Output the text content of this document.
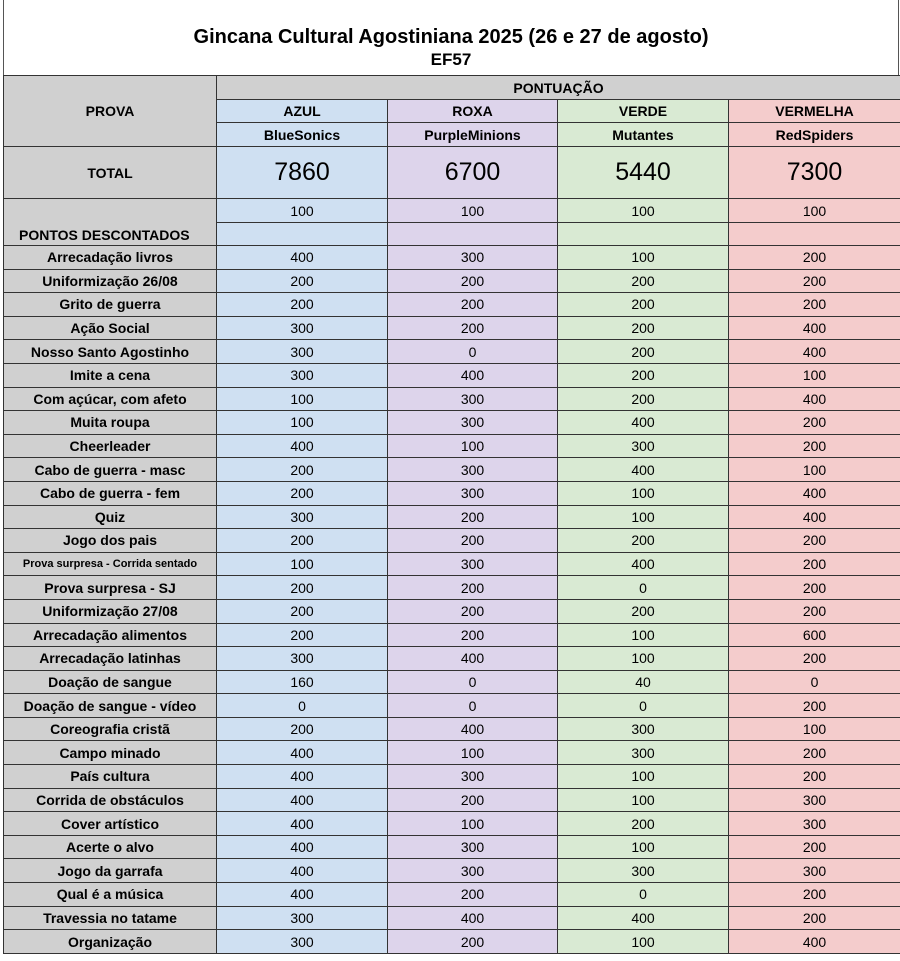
Gincana Cultural Agostiniana 2025 (26 e 27 de agosto)
EF57
PROVA	PONTUAÇÃO			
	AZUL	ROXA	VERDE	VERMELHA
	BlueSonics	PurpleMinions	Mutantes	RedSpiders
TOTAL	7860	6700	5440	7300
PONTOS DESCONTADOS	100	100	100	100

Arrecadação livros	400	300	100	200
Uniformização 26/08	200	200	200	200
Grito de guerra	200	200	200	200
Ação Social	300	200	200	400
Nosso Santo Agostinho	300	0	200	400
Imite a cena	300	400	200	100
Com açúcar, com afeto	100	300	200	400
Muita roupa	100	300	400	200
Cheerleader	400	100	300	200
Cabo de guerra - masc	200	300	400	100
Cabo de guerra - fem	200	300	100	400
Quiz	300	200	100	400
Jogo dos pais	200	200	200	200
Prova surpresa - Corrida sentado	100	300	400	200
Prova surpresa - SJ	200	200	0	200
Uniformização 27/08	200	200	200	200
Arrecadação alimentos	200	200	100	600
Arrecadação latinhas	300	400	100	200
Doação de sangue	160	0	40	0
Doação de sangue - vídeo	0	0	0	200
Coreografia cristã	200	400	300	100
Campo minado	400	100	300	200
País cultura	400	300	100	200
Corrida de obstáculos	400	200	100	300
Cover artístico	400	100	200	300
Acerte o alvo	400	300	100	200
Jogo da garrafa	400	300	300	300
Qual é a música	400	200	0	200
Travessia no tatame	300	400	400	200
Organização	300	200	100	400
